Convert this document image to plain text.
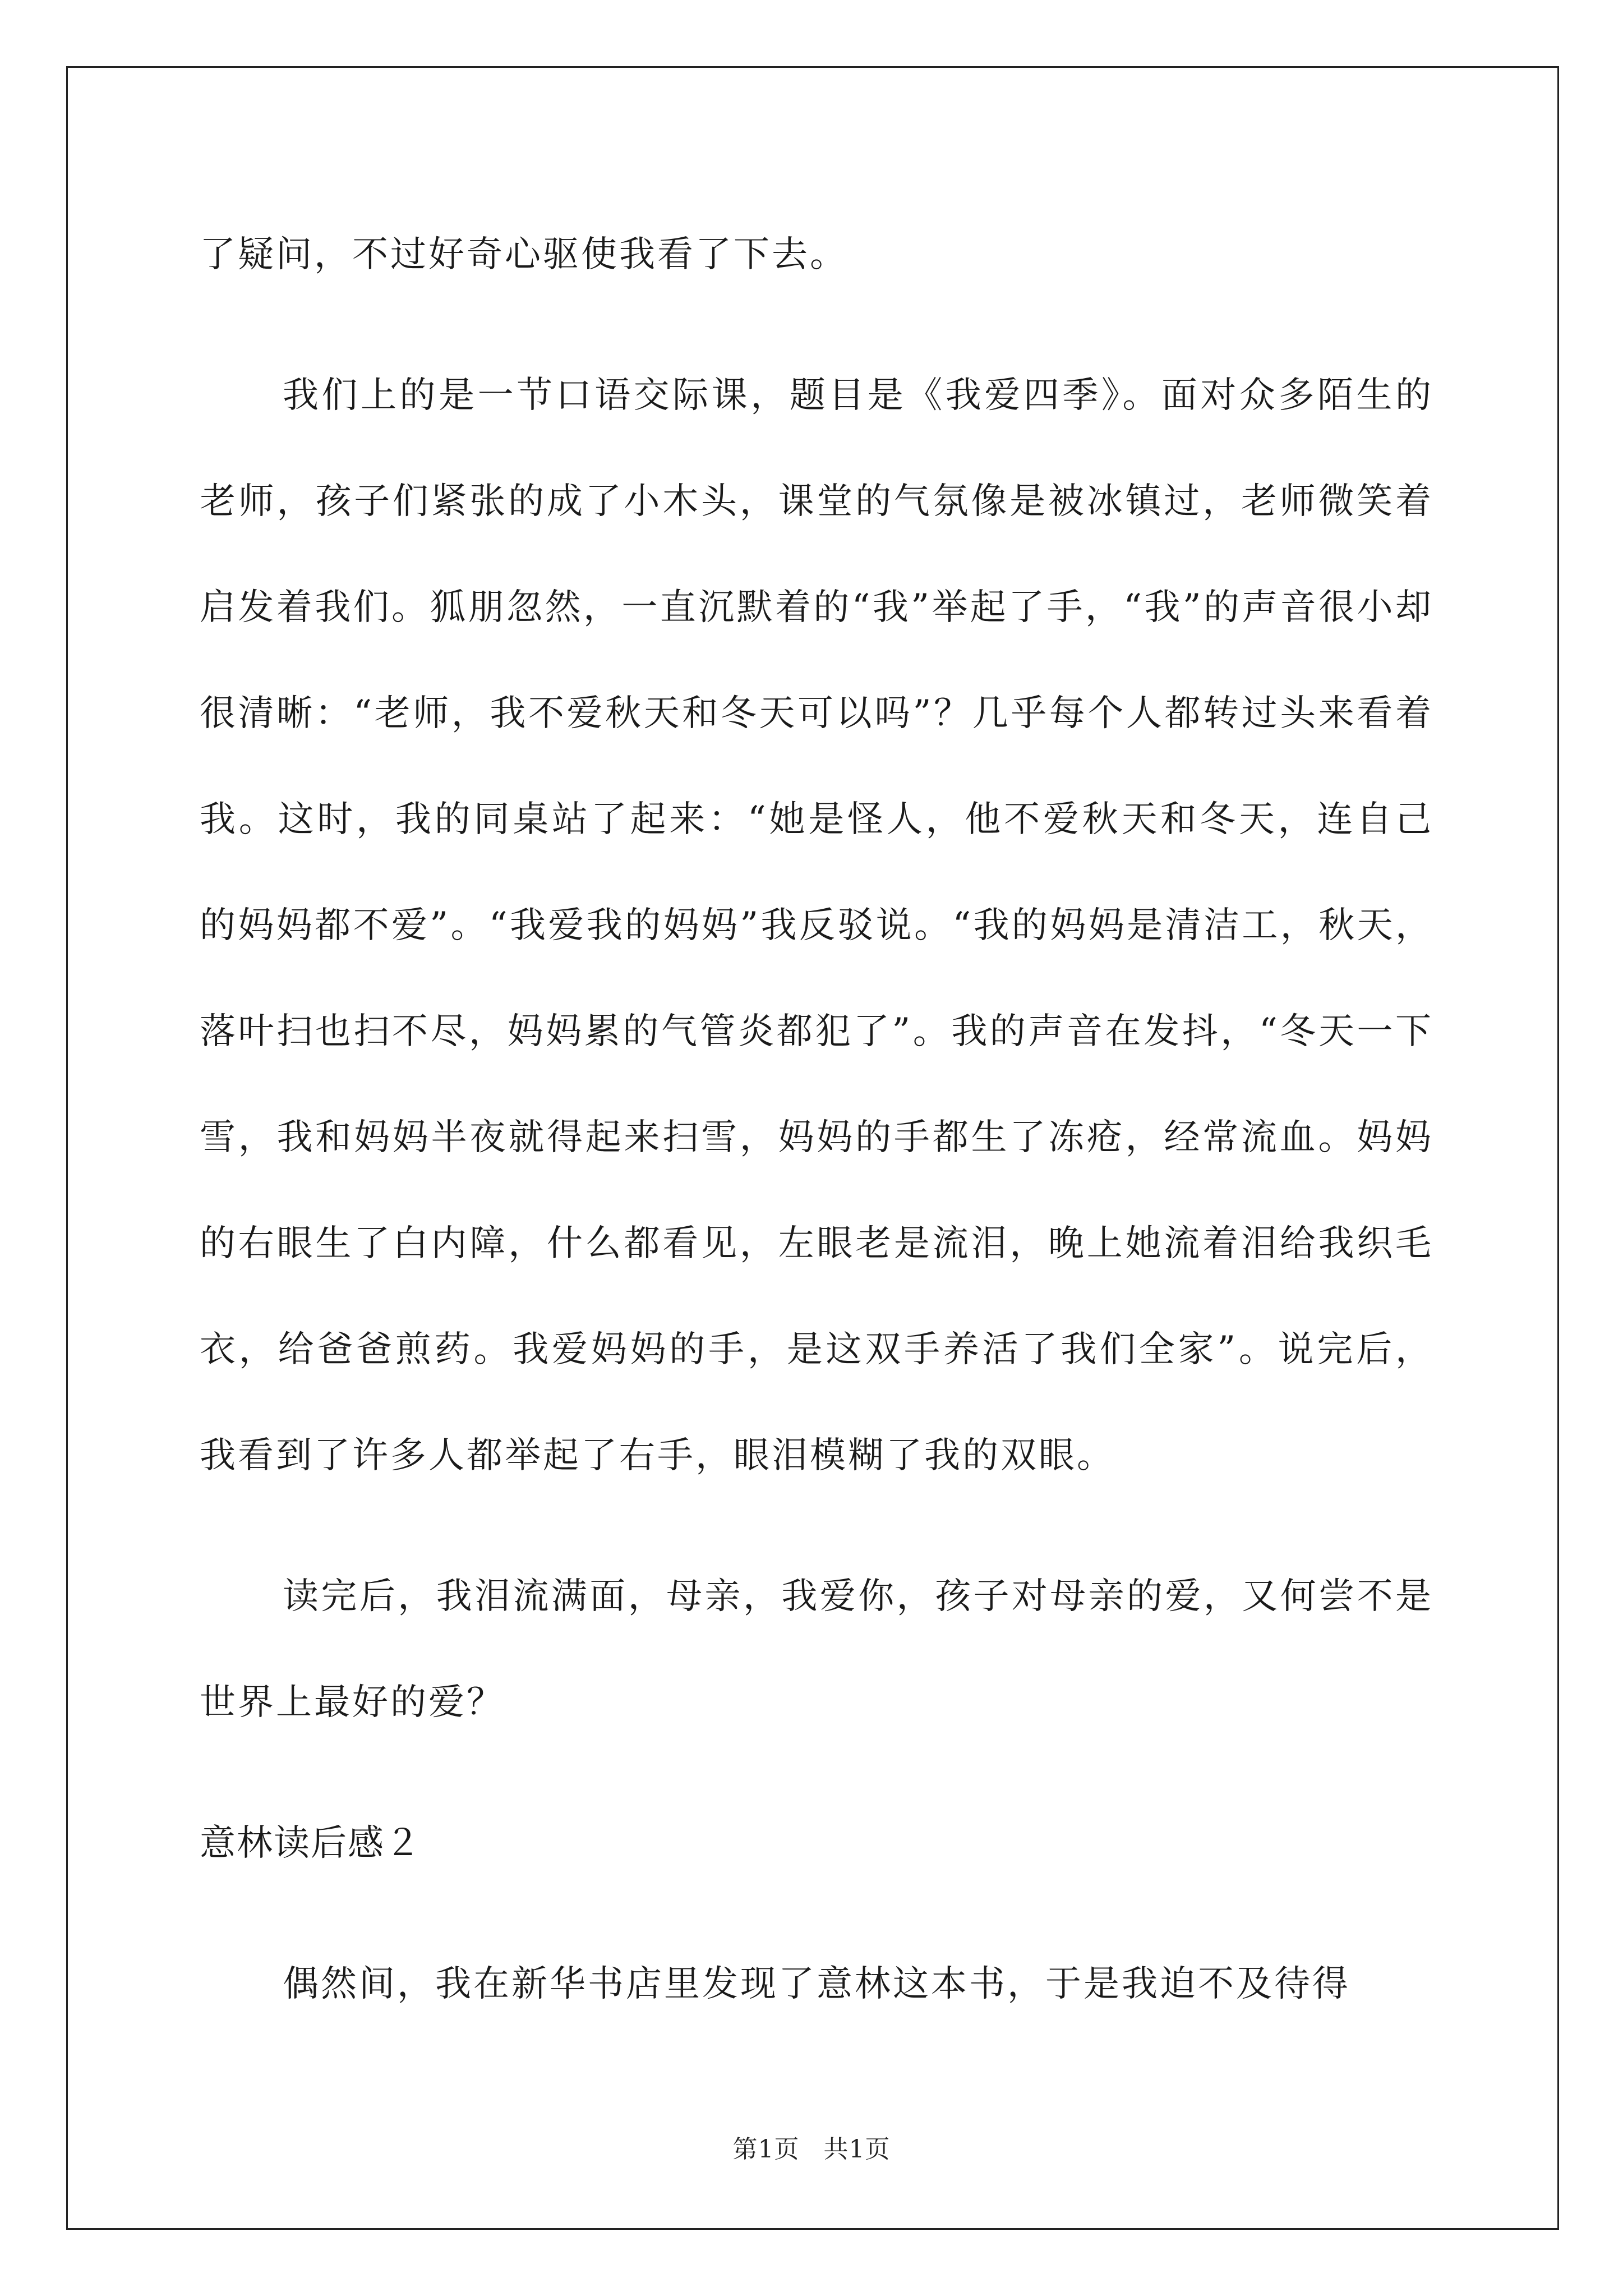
了疑问，不过好奇心驱使我看了下去。

我们上的是一节口语交际课，题目是《我爱四季》。面对众多陌生的老师，孩子们紧张的成了小木头，课堂的气氛像是被冰镇过，老师微笑着启发着我们。狐朋忽然，一直沉默着的“我”举起了手，“我”的声音很小却很清晰：“老师，我不爱秋天和冬天可以吗”？几乎每个人都转过头来看着我。这时，我的同桌站了起来：“她是怪人，他不爱秋天和冬天，连自己的妈妈都不爱”。“我爱我的妈妈”我反驳说。“我的妈妈是清洁工，秋天，落叶扫也扫不尽，妈妈累的气管炎都犯了”。我的声音在发抖，“冬天一下雪，我和妈妈半夜就得起来扫雪，妈妈的手都生了冻疮，经常流血。妈妈的右眼生了白内障，什么都看见，左眼老是流泪，晚上她流着泪给我织毛衣，给爸爸煎药。我爱妈妈的手，是这双手养活了我们全家”。说完后，我看到了许多人都举起了右手，眼泪模糊了我的双眼。

读完后，我泪流满面，母亲，我爱你，孩子对母亲的爱，又何尝不是世界上最好的爱？

意林读后感２

偶然间，我在新华书店里发现了意林这本书，于是我迫不及待得

第1页 共1页
